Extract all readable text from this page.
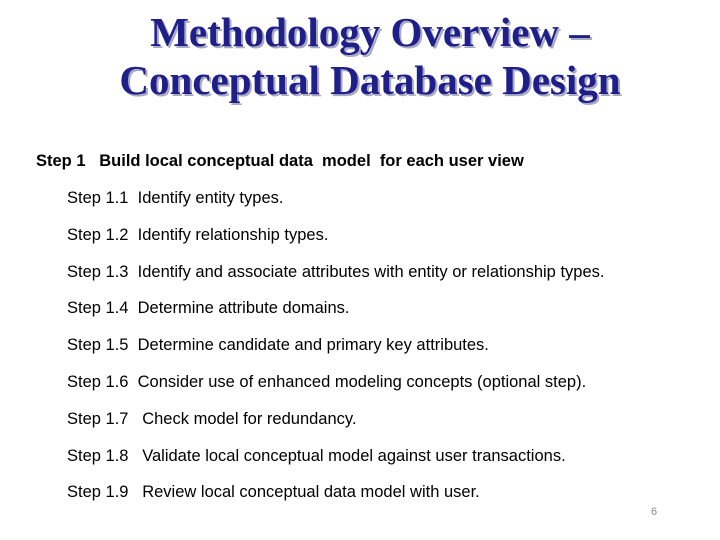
Methodology Overview –
Conceptual Database Design
Step 1   Build local conceptual data  model  for each user view
Step 1.1  Identify entity types.
Step 1.2  Identify relationship types.
Step 1.3  Identify and associate attributes with entity or relationship types.
Step 1.4  Determine attribute domains.
Step 1.5  Determine candidate and primary key attributes.
Step 1.6  Consider use of enhanced modeling concepts (optional step).
Step 1.7   Check model for redundancy.
Step 1.8   Validate local conceptual model against user transactions.
Step 1.9   Review local conceptual data model with user.
6
